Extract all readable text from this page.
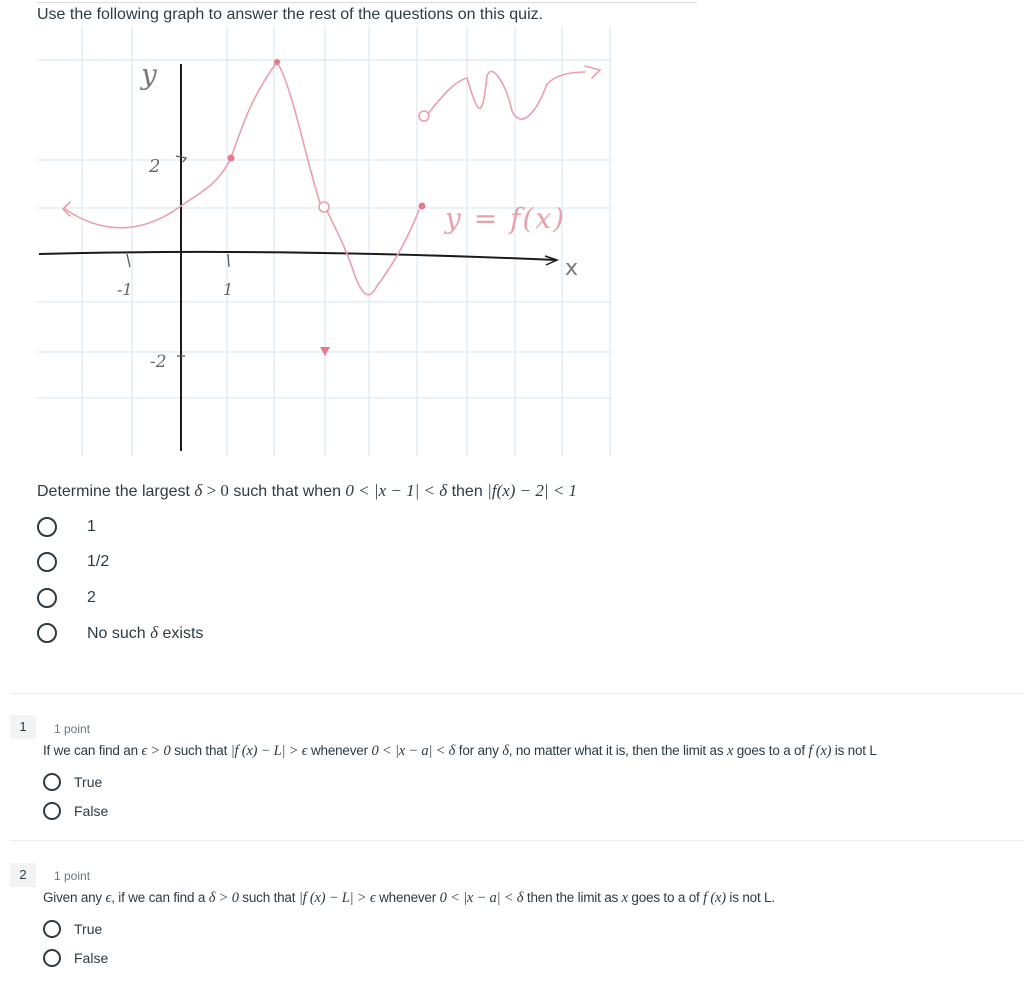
Use the following graph to answer the rest of the questions on this quiz.
y
x
2
-2
-1	1
y = f(x)
Determine the largest δ > 0 such that when 0 < |x − 1| < δ then |f(x) − 2| < 1
1
1/2
2
No such δ exists
1	1 point
If we can find an ϵ > 0 such that |f (x) − L| > ϵ whenever 0 < |x − a| < δ for any δ, no matter what it is, then the limit as x goes to a of f (x) is not L
True
False
2	1 point
Given any ϵ, if we can find a δ > 0 such that |f (x) − L| > ϵ whenever 0 < |x − a| < δ then the limit as x goes to a of f (x) is not L.
True
False
